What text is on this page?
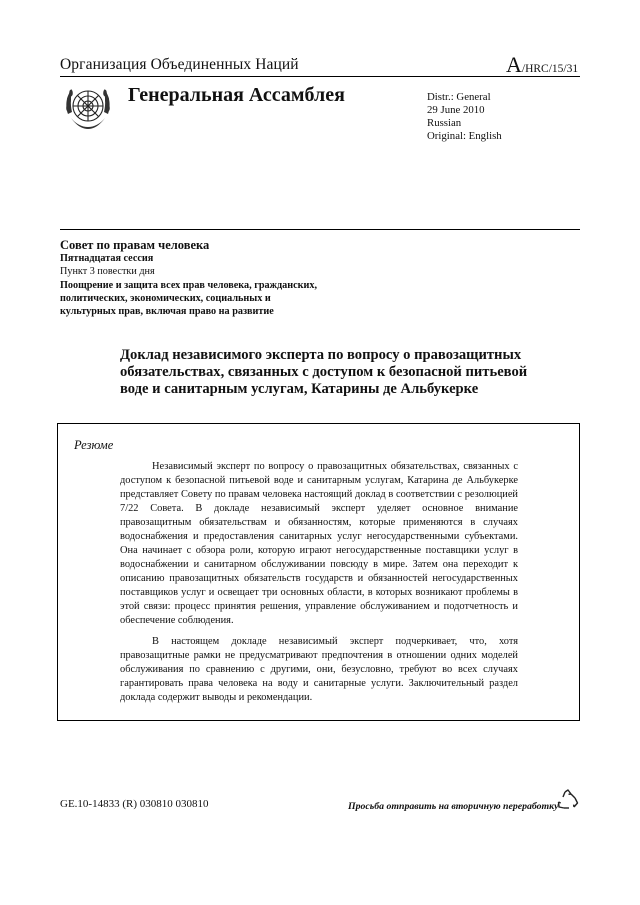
Организация Объединенных Наций	A/HRC/15/31
Генеральная Ассамблея	Distr.: General
29 June 2010
Russian
Original: English
Совет по правам человека
Пятнадцатая сессия
Пункт 3 повестки дня
Поощрение и защита всех прав человека, гражданских, политических, экономических, социальных и культурных прав, включая право на развитие
Доклад независимого эксперта по вопросу о правозащитных обязательствах, связанных с доступом к безопасной питьевой воде и санитарным услугам, Катарины де Альбукерке
Резюме
Независимый эксперт по вопросу о правозащитных обязательствах, связанных с доступом к безопасной питьевой воде и санитарным услугам, Катарина де Альбукерке представляет Совету по правам человека настоящий доклад в соответствии с резолюцией 7/22 Совета. В докладе независимый эксперт уделяет основное внимание правозащитным обязательствам и обязанностям, которые применяются в случаях водоснабжения и предоставления санитарных услуг негосударственными субъектами. Она начинает с обзора роли, которую играют негосударственные поставщики услуг в водоснабжении и санитарном обслуживании повсюду в мире. Затем она переходит к описанию правозащитных обязательств государств и обязанностей негосударственных поставщиков услуг и освещает три основных области, в которых возникают проблемы в этой связи: процесс принятия решения, управление обслуживанием и подотчетность и обеспечение соблюдения.
В настоящем докладе независимый эксперт подчеркивает, что, хотя правозащитные рамки не предусматривают предпочтения в отношении одних моделей обслуживания по сравнению с другими, они, безусловно, требуют во всех случаях гарантировать права человека на воду и санитарные услуги. Заключительный раздел доклада содержит выводы и рекомендации.
GE.10-14833 (R) 030810 030810	Просьба отправить на вторичную переработку
